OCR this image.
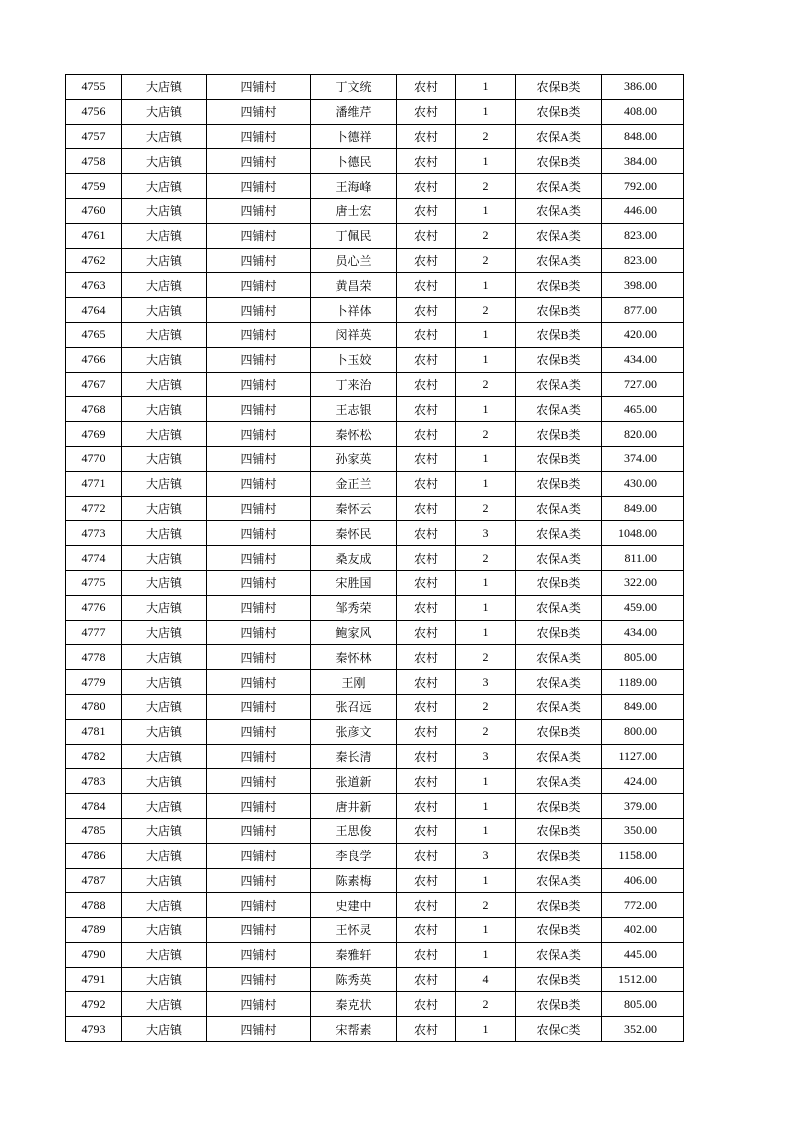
4755	大店镇	四铺村	丁文统	农村	1	农保B类	386.00
4756	大店镇	四铺村	潘维芹	农村	1	农保B类	408.00
4757	大店镇	四铺村	卜德祥	农村	2	农保A类	848.00
4758	大店镇	四铺村	卜德民	农村	1	农保B类	384.00
4759	大店镇	四铺村	王海峰	农村	2	农保A类	792.00
4760	大店镇	四铺村	唐士宏	农村	1	农保A类	446.00
4761	大店镇	四铺村	丁佩民	农村	2	农保A类	823.00
4762	大店镇	四铺村	员心兰	农村	2	农保A类	823.00
4763	大店镇	四铺村	黄昌荣	农村	1	农保B类	398.00
4764	大店镇	四铺村	卜祥体	农村	2	农保B类	877.00
4765	大店镇	四铺村	闵祥英	农村	1	农保B类	420.00
4766	大店镇	四铺村	卜玉姣	农村	1	农保B类	434.00
4767	大店镇	四铺村	丁来治	农村	2	农保A类	727.00
4768	大店镇	四铺村	王志银	农村	1	农保A类	465.00
4769	大店镇	四铺村	秦怀松	农村	2	农保B类	820.00
4770	大店镇	四铺村	孙家英	农村	1	农保B类	374.00
4771	大店镇	四铺村	金正兰	农村	1	农保B类	430.00
4772	大店镇	四铺村	秦怀云	农村	2	农保A类	849.00
4773	大店镇	四铺村	秦怀民	农村	3	农保A类	1048.00
4774	大店镇	四铺村	桑友成	农村	2	农保A类	811.00
4775	大店镇	四铺村	宋胜国	农村	1	农保B类	322.00
4776	大店镇	四铺村	邹秀荣	农村	1	农保A类	459.00
4777	大店镇	四铺村	鲍家风	农村	1	农保B类	434.00
4778	大店镇	四铺村	秦怀林	农村	2	农保A类	805.00
4779	大店镇	四铺村	王刚	农村	3	农保A类	1189.00
4780	大店镇	四铺村	张召远	农村	2	农保A类	849.00
4781	大店镇	四铺村	张彦文	农村	2	农保B类	800.00
4782	大店镇	四铺村	秦长清	农村	3	农保A类	1127.00
4783	大店镇	四铺村	张道新	农村	1	农保A类	424.00
4784	大店镇	四铺村	唐井新	农村	1	农保B类	379.00
4785	大店镇	四铺村	王思俊	农村	1	农保B类	350.00
4786	大店镇	四铺村	李良学	农村	3	农保B类	1158.00
4787	大店镇	四铺村	陈素梅	农村	1	农保A类	406.00
4788	大店镇	四铺村	史建中	农村	2	农保B类	772.00
4789	大店镇	四铺村	王怀灵	农村	1	农保B类	402.00
4790	大店镇	四铺村	秦雅轩	农村	1	农保A类	445.00
4791	大店镇	四铺村	陈秀英	农村	4	农保B类	1512.00
4792	大店镇	四铺村	秦克状	农村	2	农保B类	805.00
4793	大店镇	四铺村	宋帮素	农村	1	农保C类	352.00
